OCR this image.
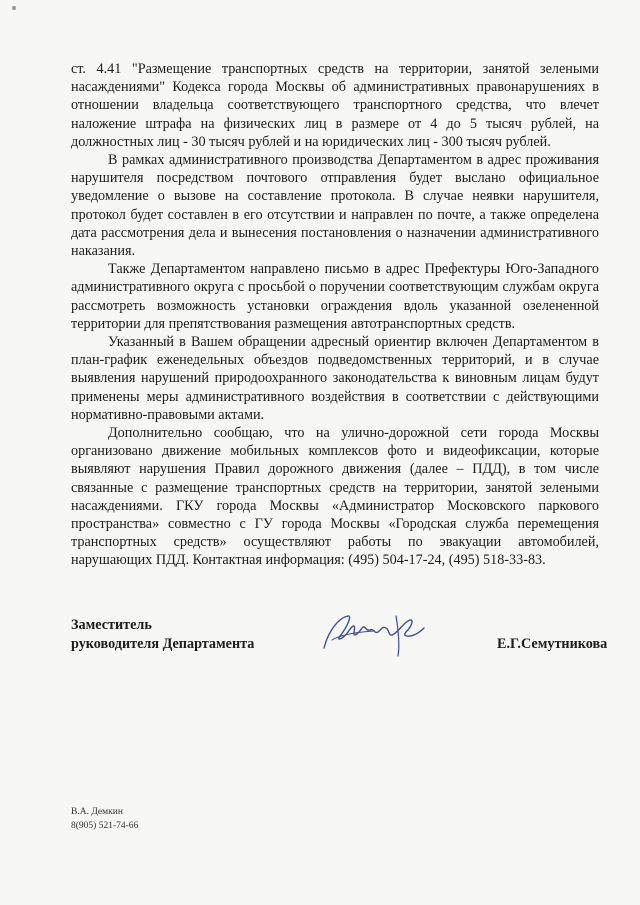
ст. 4.41 "Размещение транспортных средств на территории, занятой зелеными насаждениями" Кодекса города Москвы об административных правонарушениях в отношении владельца соответствующего транспортного средства, что влечет наложение штрафа на физических лиц в размере от 4 до 5 тысяч рублей, на должностных лиц - 30 тысяч рублей и на юридических лиц - 300 тысяч рублей.

В рамках административного производства Департаментом в адрес проживания нарушителя посредством почтового отправления будет выслано официальное уведомление о вызове на составление протокола. В случае неявки нарушителя, протокол будет составлен в его отсутствии и направлен по почте, а также определена дата рассмотрения дела и вынесения постановления о назначении административного наказания.

Также Департаментом направлено письмо в адрес Префектуры Юго-Западного административного округа с просьбой о поручении соответствующим службам округа рассмотреть возможность установки ограждения вдоль указанной озелененной территории для препятствования размещения автотранспортных средств.

Указанный в Вашем обращении адресный ориентир включен Департаментом в план-график еженедельных объездов подведомственных территорий, и в случае выявления нарушений природоохранного законодательства к виновным лицам будут применены меры административного воздействия в соответствии с действующими нормативно-правовыми актами.

Дополнительно сообщаю, что на улично-дорожной сети города Москвы организовано движение мобильных комплексов фото и видеофиксации, которые выявляют нарушения Правил дорожного движения (далее – ПДД), в том числе связанные с размещение транспортных средств на территории, занятой зелеными насаждениями. ГКУ города Москвы «Администратор Московского паркового пространства» совместно с ГУ города Москвы «Городская служба перемещения транспортных средств» осуществляют работы по эвакуации автомобилей, нарушающих ПДД. Контактная информация: (495) 504-17-24, (495) 518-33-83.

Заместитель
руководителя Департамента	Е.Г.Семутникова
В.А. Демкин
8(905) 521-74-66
